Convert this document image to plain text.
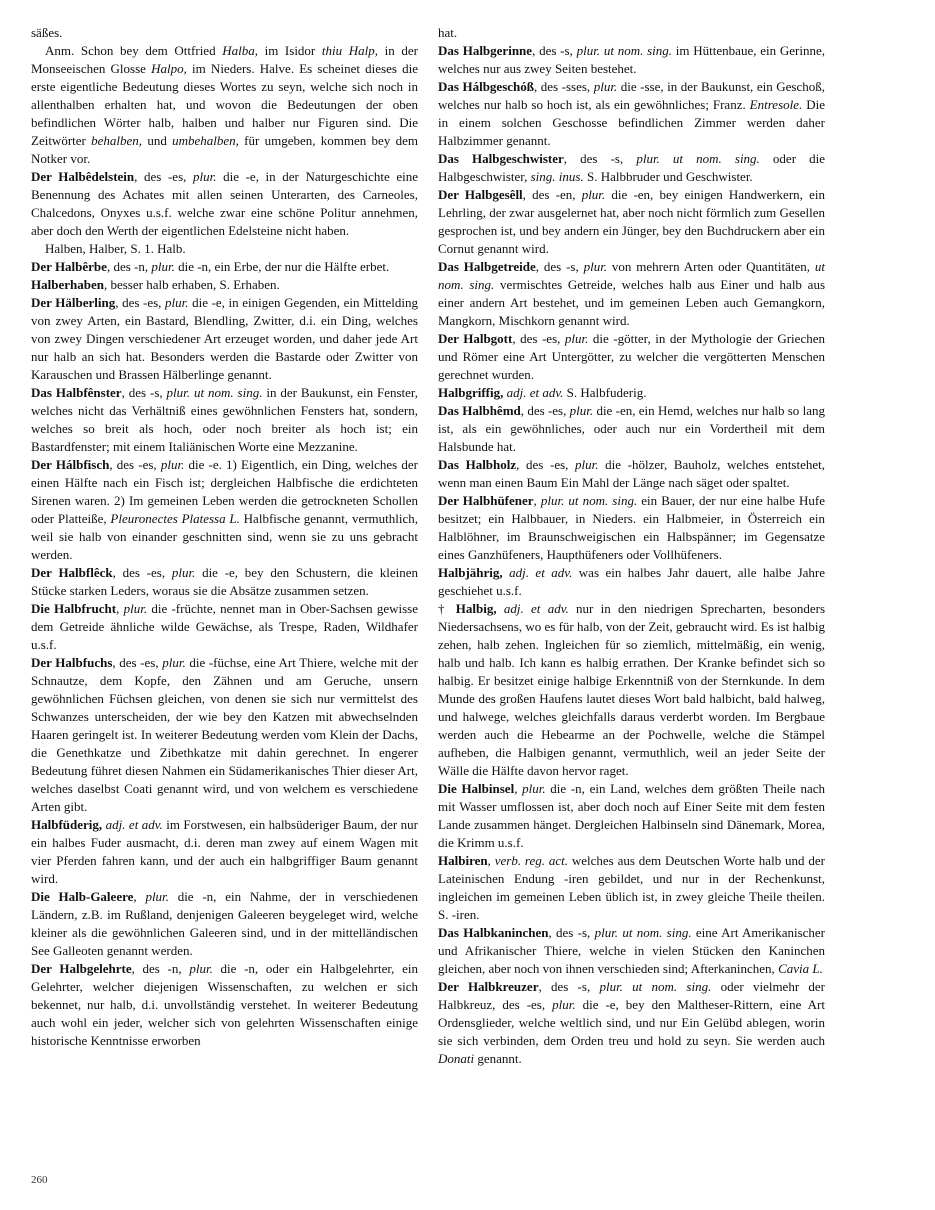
säßes.

Anm. Schon bey dem Ottfried Halba, im Isidor thiu Halp, in der Monseeischen Glosse Halpo, im Nieders. Halve. Es scheinet dieses die erste eigentliche Bedeutung dieses Wortes zu seyn, welche sich noch in allenthalben erhalten hat, und wovon die Bedeutungen der oben befindlichen Wörter halb, halben und halber nur Figuren sind. Die Zeitwörter behalben, und umbehalben, für umgeben, kommen bey dem Notker vor.

Der Halbêdelstein, des -es, plur. die -e, in der Naturgeschichte eine Benennung des Achates mit allen seinen Unterarten, des Carneoles, Chalcedons, Onyxes u.s.f. welche zwar eine schöne Politur annehmen, aber doch den Werth der eigentlichen Edelsteine nicht haben.

Halben, Halber, S. 1. Halb.

Der Halbêrbe, des -n, plur. die -n, ein Erbe, der nur die Hälfte erbet.

Halberhaben, besser halb erhaben, S. Erhaben.

Der Hälberling, des -es, plur. die -e, in einigen Gegenden, ein Mittelding von zwey Arten, ein Bastard, Blendling, Zwitter, d.i. ein Ding, welches von zwey Dingen verschiedener Art erzeuget worden, und daher jede Art nur halb an sich hat. Besonders werden die Bastarde oder Zwitter von Karauschen und Brassen Hälberlinge genannt.

Das Halbfênster, des -s, plur. ut nom. sing. in der Baukunst, ein Fenster, welches nicht das Verhältniß eines gewöhnlichen Fensters hat, sondern, welches so breit als hoch, oder noch breiter als hoch ist; ein Bastardfenster; mit einem Italiänischen Worte eine Mezzanine.

Der Hálbfisch, des -es, plur. die -e. 1) Eigentlich, ein Ding, welches der einen Hälfte nach ein Fisch ist; dergleichen Halbfische die erdichteten Sirenen waren. 2) Im gemeinen Leben werden die getrockneten Schollen oder Platteiße, Pleuronectes Platessa L. Halbfische genannt, vermuthlich, weil sie halb von einander geschnitten sind, wenn sie zu uns gebracht werden.

Der Halbflêck, des -es, plur. die -e, bey den Schustern, die kleinen Stücke starken Leders, woraus sie die Absätze zusammen setzen.

Die Halbfrucht, plur. die -früchte, nennet man in Ober-Sachsen gewisse dem Getreide ähnliche wilde Gewächse, als Trespe, Raden, Wildhafer u.s.f.

Der Halbfuchs, des -es, plur. die -füchse, eine Art Thiere, welche mit der Schnautze, dem Kopfe, den Zähnen und am Geruche, unsern gewöhnlichen Füchsen gleichen, von denen sie sich nur vermittelst des Schwanzes unterscheiden, der wie bey den Katzen mit abwechselnden Haaren geringelt ist. In weiterer Bedeutung werden vom Klein der Dachs, die Genethkatze und Zibethkatze mit dahin gerechnet. In engerer Bedeutung führet diesen Nahmen ein Südamerikanisches Thier dieser Art, welches daselbst Coati genannt wird, und von welchem es verschiedene Arten gibt.

Halbfüderig, adj. et adv. im Forstwesen, ein halbsüderiger Baum, der nur ein halbes Fuder ausmacht, d.i. deren man zwey auf einem Wagen mit vier Pferden fahren kann, und der auch ein halbgriffiger Baum genannt wird.

Die Halb-Galeere, plur. die -n, ein Nahme, der in verschiedenen Ländern, z.B. im Rußland, denjenigen Galeeren beygeleget wird, welche kleiner als die gewöhnlichen Galeeren sind, und in der mittelländischen See Galleoten genannt werden.

Der Halbgelehrte, des -n, plur. die -n, oder ein Halbgelehrter, ein Gelehrter, welcher diejenigen Wissenschaften, zu welchen er sich bekennet, nur halb, d.i. unvollständig verstehet. In weiterer Bedeutung auch wohl ein jeder, welcher sich von gelehrten Wissenschaften einige historische Kenntnisse erworben

hat.

Das Halbgerinne, des -s, plur. ut nom. sing. im Hüttenbaue, ein Gerinne, welches nur aus zwey Seiten bestehet.

Das Hálbgeschóß, des -sses, plur. die -sse, in der Baukunst, ein Geschoß, welches nur halb so hoch ist, als ein gewöhnliches; Franz. Entresole. Die in einem solchen Geschosse befindlichen Zimmer werden daher Halbzimmer genannt.

Das Halbgeschwister, des -s, plur. ut nom. sing. oder die Halbgeschwister, sing. inus. S. Halbbruder und Geschwister.

Der Halbgesêll, des -en, plur. die -en, bey einigen Handwerkern, ein Lehrling, der zwar ausgelernet hat, aber noch nicht förmlich zum Gesellen gesprochen ist, und bey andern ein Jünger, bey den Buchdruckern aber ein Cornut genannt wird.

Das Halbgetreide, des -s, plur. von mehrern Arten oder Quantitäten, ut nom. sing. vermischtes Getreide, welches halb aus Einer und halb aus einer andern Art bestehet, und im gemeinen Leben auch Gemangkorn, Mangkorn, Mischkorn genannt wird.

Der Halbgott, des -es, plur. die -götter, in der Mythologie der Griechen und Römer eine Art Untergötter, zu welcher die vergötterten Menschen gerechnet wurden.

Halbgriffig, adj. et adv. S. Halbfuderig.

Das Halbhêmd, des -es, plur. die -en, ein Hemd, welches nur halb so lang ist, als ein gewöhnliches, oder auch nur ein Vordertheil mit dem Halsbunde hat.

Das Halbholz, des -es, plur. die -hölzer, Bauholz, welches entstehet, wenn man einen Baum Ein Mahl der Länge nach säget oder spaltet.

Der Halbhüfener, plur. ut nom. sing. ein Bauer, der nur eine halbe Hufe besitzet; ein Halbbauer, in Nieders. ein Halbmeier, in Österreich ein Halblöhner, im Braunschweigischen ein Halbspänner; im Gegensatze eines Ganzhüfeners, Haupthüfeners oder Vollhüfeners.

Halbjährig, adj. et adv. was ein halbes Jahr dauert, alle halbe Jahre geschiehet u.s.f.

† Halbig, adj. et adv. nur in den niedrigen Sprecharten, besonders Niedersachsens, wo es für halb, von der Zeit, gebraucht wird. Es ist halbig zehen, halb zehen. Ingleichen für so ziemlich, mittelmäßig, ein wenig, halb und halb. Ich kann es halbig errathen. Der Kranke befindet sich so halbig. Er besitzet einige halbige Erkenntniß von der Sternkunde. In dem Munde des großen Haufens lautet dieses Wort bald halbicht, bald halweg, und halwege, welches gleichfalls daraus verderbt worden. Im Bergbaue werden auch die Hebearme an der Pochwelle, welche die Stämpel aufheben, die Halbigen genannt, vermuthlich, weil an jeder Seite der Wälle die Hälfte davon hervor raget.

Die Halbinsel, plur. die -n, ein Land, welches dem größten Theile nach mit Wasser umflossen ist, aber doch noch auf Einer Seite mit dem festen Lande zusammen hänget. Dergleichen Halbinseln sind Dänemark, Morea, die Krimm u.s.f.

Halbiren, verb. reg. act. welches aus dem Deutschen Worte halb und der Lateinischen Endung -iren gebildet, und nur in der Rechenkunst, ingleichen im gemeinen Leben üblich ist, in zwey gleiche Theile theilen. S. -iren.

Das Halbkaninchen, des -s, plur. ut nom. sing. eine Art Amerikanischer und Afrikanischer Thiere, welche in vielen Stücken den Kaninchen gleichen, aber noch von ihnen verschieden sind; Afterkaninchen, Cavia L.

Der Halbkreuzer, des -s, plur. ut nom. sing. oder vielmehr der Halbkreuz, des -es, plur. die -e, bey den Maltheser-Rittern, eine Art Ordensglieder, welche weltlich sind, und nur Ein Gelübd ablegen, worin sie sich verbinden, dem Orden treu und hold zu seyn. Sie werden auch Donati genannt.

260
